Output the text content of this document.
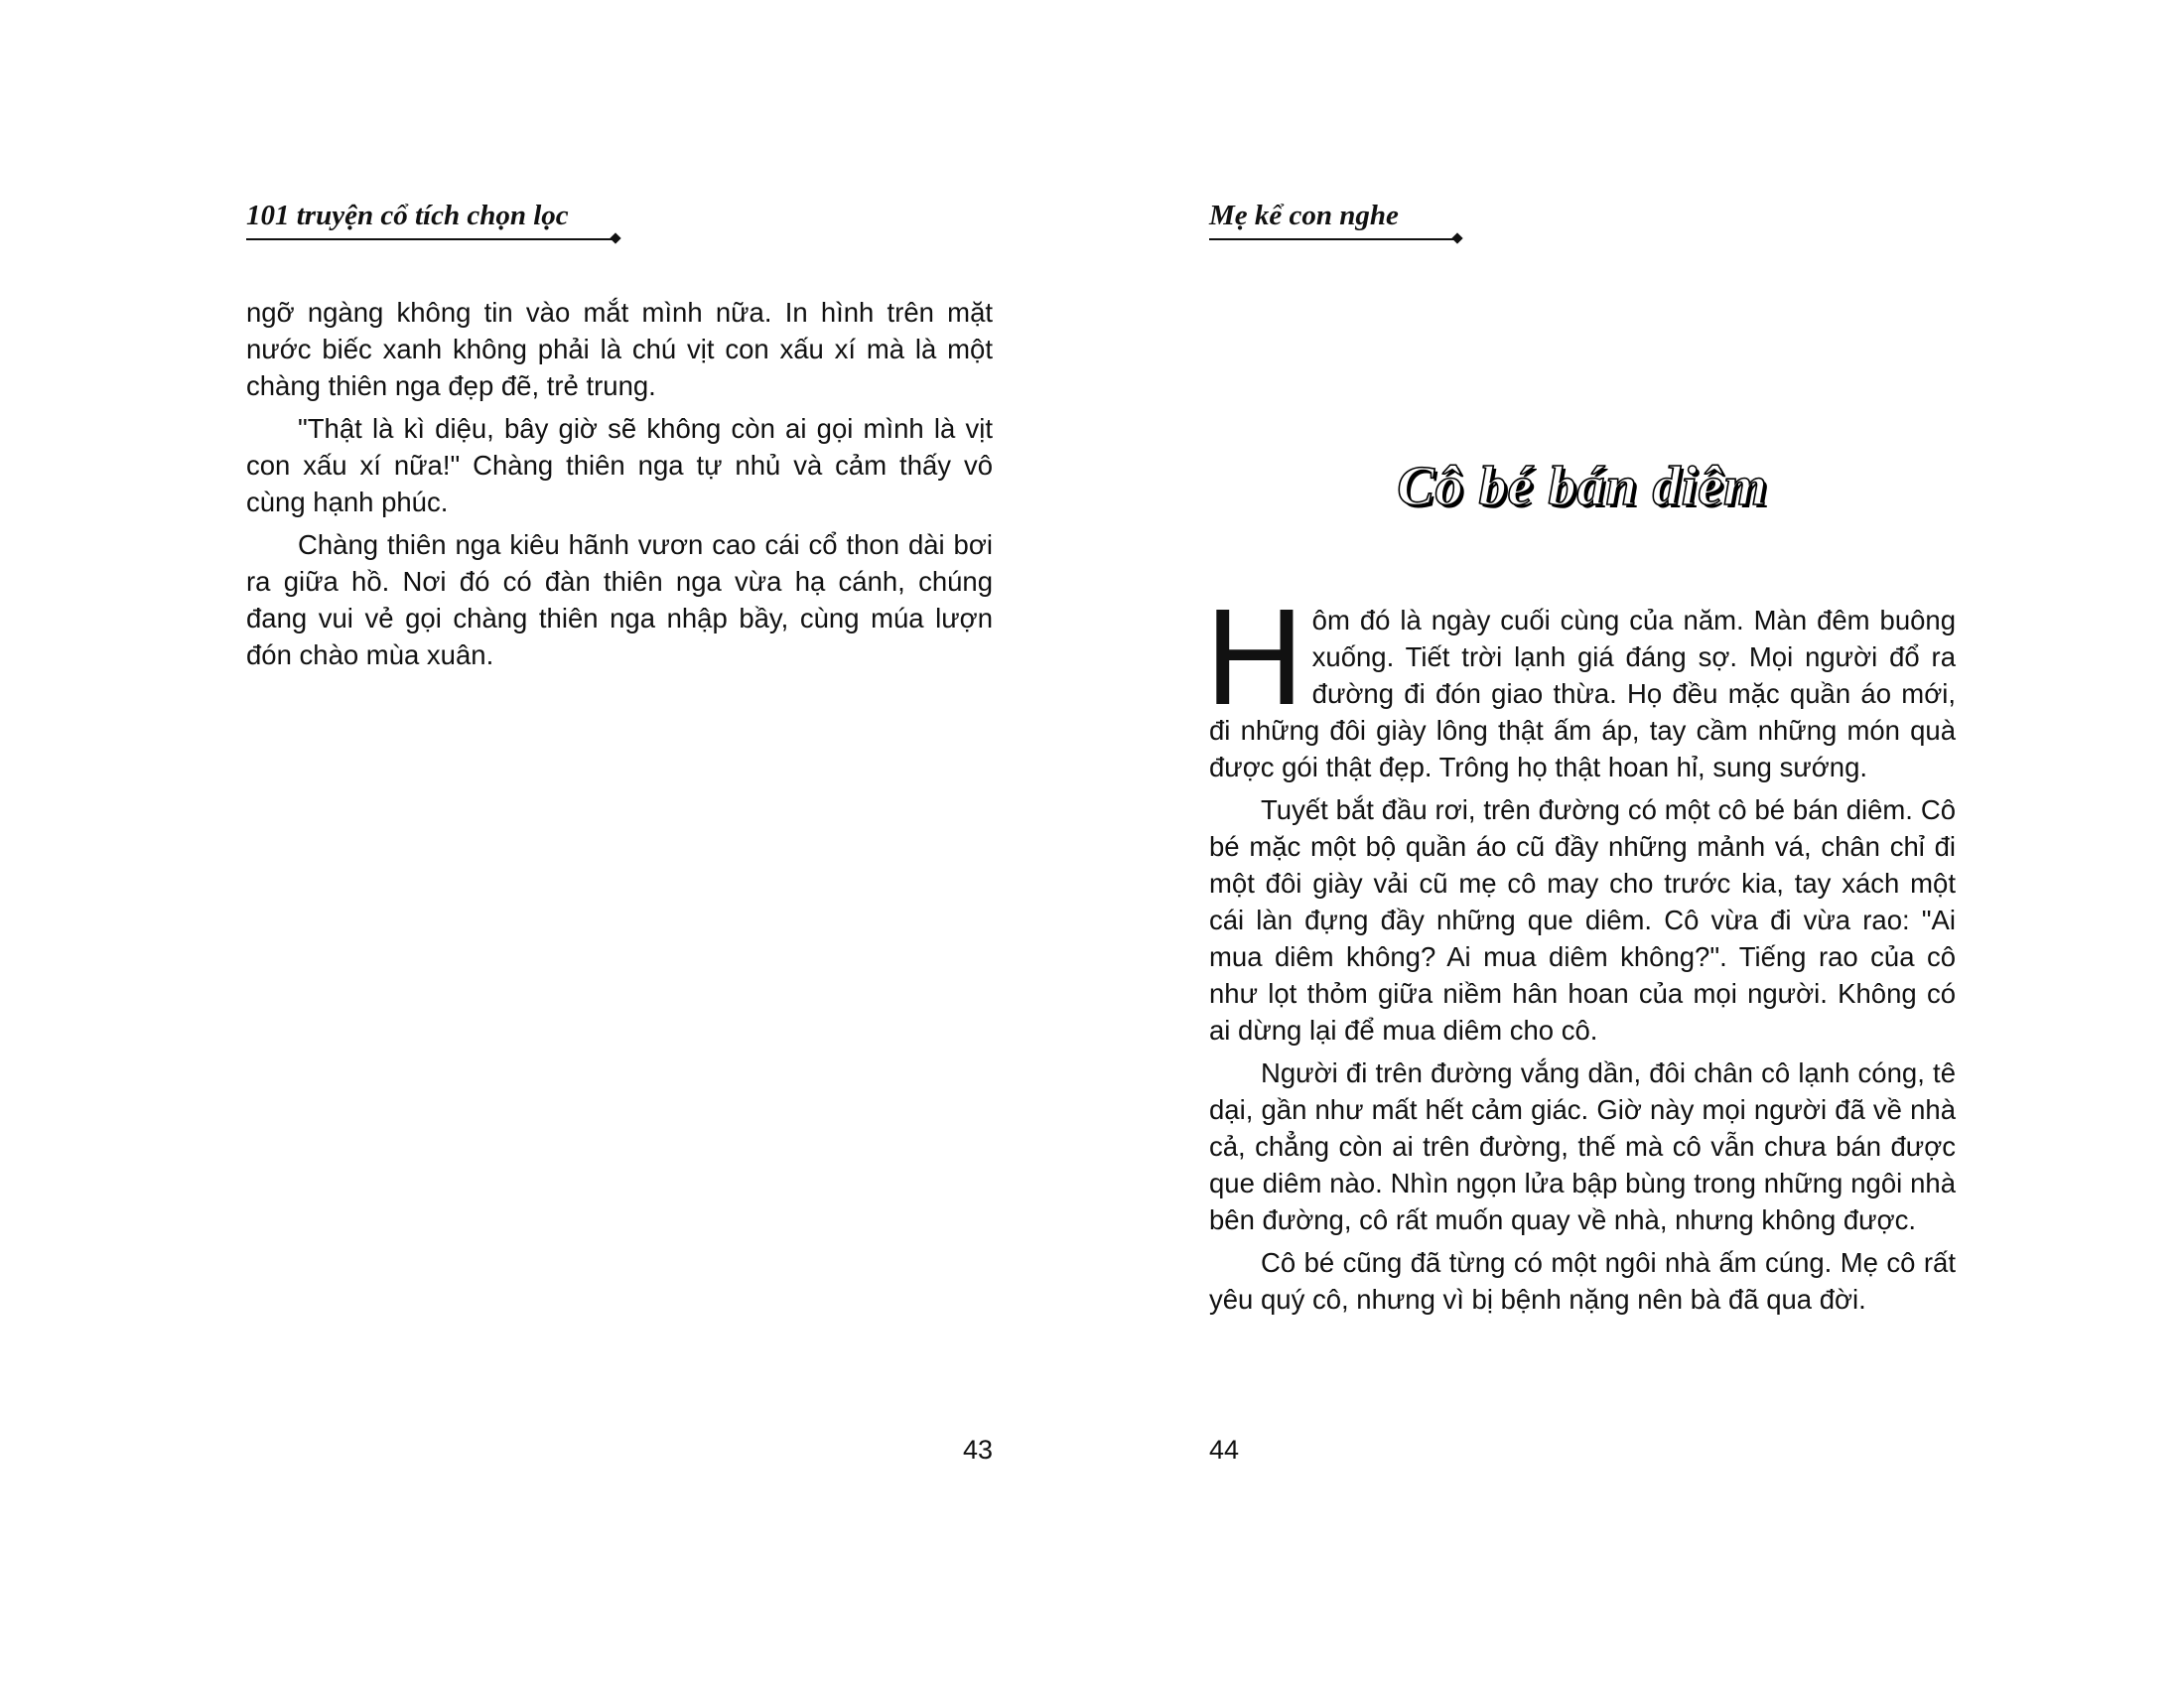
101 truyện cổ tích chọn lọc

ngỡ ngàng không tin vào mắt mình nữa. In hình trên mặt nước biếc xanh không phải là chú vịt con xấu xí mà là một chàng thiên nga đẹp đẽ, trẻ trung.

"Thật là kì diệu, bây giờ sẽ không còn ai gọi mình là vịt con xấu xí nữa!" Chàng thiên nga tự nhủ và cảm thấy vô cùng hạnh phúc.

Chàng thiên nga kiêu hãnh vươn cao cái cổ thon dài bơi ra giữa hồ. Nơi đó có đàn thiên nga vừa hạ cánh, chúng đang vui vẻ gọi chàng thiên nga nhập bầy, cùng múa lượn đón chào mùa xuân.

43
Mẹ kể con nghe
Cô bé bán diêm
H ôm đó là ngày cuối cùng của năm. Màn đêm buông xuống. Tiết trời lạnh giá đáng sợ. Mọi người đổ ra đường đi đón giao thừa. Họ đều mặc quần áo mới, đi những đôi giày lông thật ấm áp, tay cầm những món quà được gói thật đẹp. Trông họ thật hoan hỉ, sung sướng.

Tuyết bắt đầu rơi, trên đường có một cô bé bán diêm. Cô bé mặc một bộ quần áo cũ đầy những mảnh vá, chân chỉ đi một đôi giày vải cũ mẹ cô may cho trước kia, tay xách một cái làn đựng đầy những que diêm. Cô vừa đi vừa rao: "Ai mua diêm không? Ai mua diêm không?". Tiếng rao của cô như lọt thỏm giữa niềm hân hoan của mọi người. Không có ai dừng lại để mua diêm cho cô.

Người đi trên đường vắng dần, đôi chân cô lạnh cóng, tê dại, gần như mất hết cảm giác. Giờ này mọi người đã về nhà cả, chẳng còn ai trên đường, thế mà cô vẫn chưa bán được que diêm nào. Nhìn ngọn lửa bập bùng trong những ngôi nhà bên đường, cô rất muốn quay về nhà, nhưng không được.

Cô bé cũng đã từng có một ngôi nhà ấm cúng. Mẹ cô rất yêu quý cô, nhưng vì bị bệnh nặng nên bà đã qua đời.

44
